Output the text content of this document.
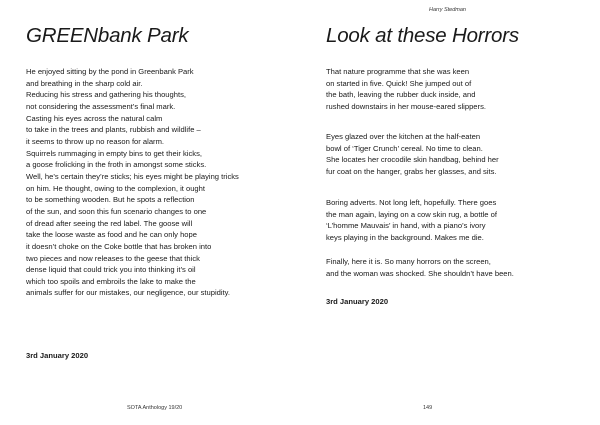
Harry Stedman
GREENbank Park
He enjoyed sitting by the pond in Greenbank Park
and breathing in the sharp cold air.
Reducing his stress and gathering his thoughts,
not considering the assessment’s final mark.
Casting his eyes across the natural calm
to take in the trees and plants, rubbish and wildlife –
it seems to throw up no reason for alarm.
Squirrels rummaging in empty bins to get their kicks,
a goose frolicking in the froth in amongst some sticks.
Well, he’s certain they’re sticks; his eyes might be playing tricks
on him. He thought, owing to the complexion, it ought
to be something wooden. But he spots a reflection
of the sun, and soon this fun scenario changes to one
of dread after seeing the red label. The goose will
take the loose waste as food and he can only hope
it doesn’t choke on the Coke bottle that has broken into
two pieces and now releases to the geese that thick
dense liquid that could trick you into thinking it’s oil
which too spoils and embroils the lake to make the
animals suffer for our mistakes, our negligence, our stupidity.
3rd January 2020
Look at these Horrors
That nature programme that she was keen
on started in five. Quick! She jumped out of
the bath, leaving the rubber duck inside, and
rushed downstairs in her mouse-eared slippers.
Eyes glazed over the kitchen at the half-eaten
bowl of ‘Tiger Crunch’ cereal. No time to clean.
She locates her crocodile skin handbag, behind her
fur coat on the hanger, grabs her glasses, and sits.
Boring adverts. Not long left, hopefully. There goes
the man again, laying on a cow skin rug, a bottle of
‘L’homme Mauvais’ in hand, with a piano’s ivory
keys playing in the background. Makes me die.
Finally, here it is. So many horrors on the screen,
and the woman was shocked. She shouldn’t have been.
3rd January 2020
SOTA Anthology 19/20	149
